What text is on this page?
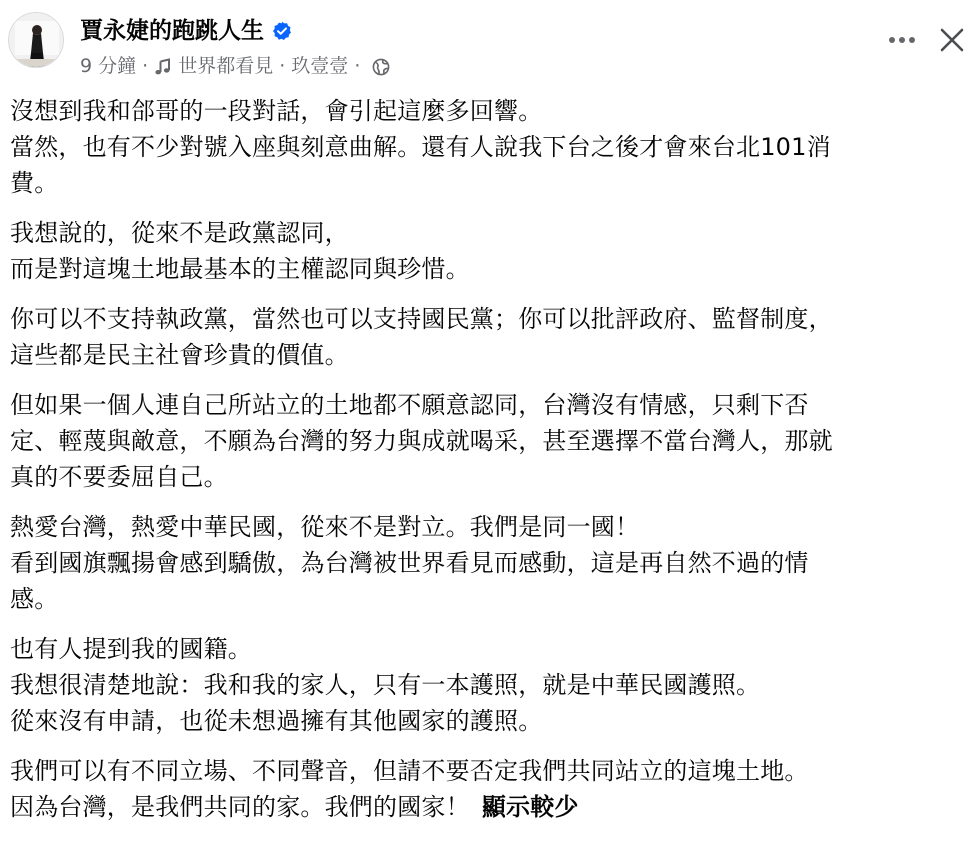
賈永婕的跑跳人生
9 分鐘 · 世界都看見 · 玖壹壹 ·
沒想到我和郃哥的一段對話，會引起這麼多回響。
當然，也有不少對號入座與刻意曲解。還有人說我下台之後才會來台北101消
費。
我想說的，從來不是政黨認同，
而是對這塊土地最基本的主權認同與珍惜。
你可以不支持執政黨，當然也可以支持國民黨；你可以批評政府、監督制度，
這些都是民主社會珍貴的價值。
但如果一個人連自己所站立的土地都不願意認同，台灣沒有情感，只剩下否
定、輕蔑與敵意，不願為台灣的努力與成就喝采，甚至選擇不當台灣人，那就
真的不要委屈自己。
熱愛台灣，熱愛中華民國，從來不是對立。我們是同一國！
看到國旗飄揚會感到驕傲，為台灣被世界看見而感動，這是再自然不過的情
感。
也有人提到我的國籍。
我想很清楚地說：我和我的家人，只有一本護照，就是中華民國護照。
從來沒有申請，也從未想過擁有其他國家的護照。
我們可以有不同立場、不同聲音，但請不要否定我們共同站立的這塊土地。
因為台灣，是我們共同的家。我們的國家！ 顯示較少
